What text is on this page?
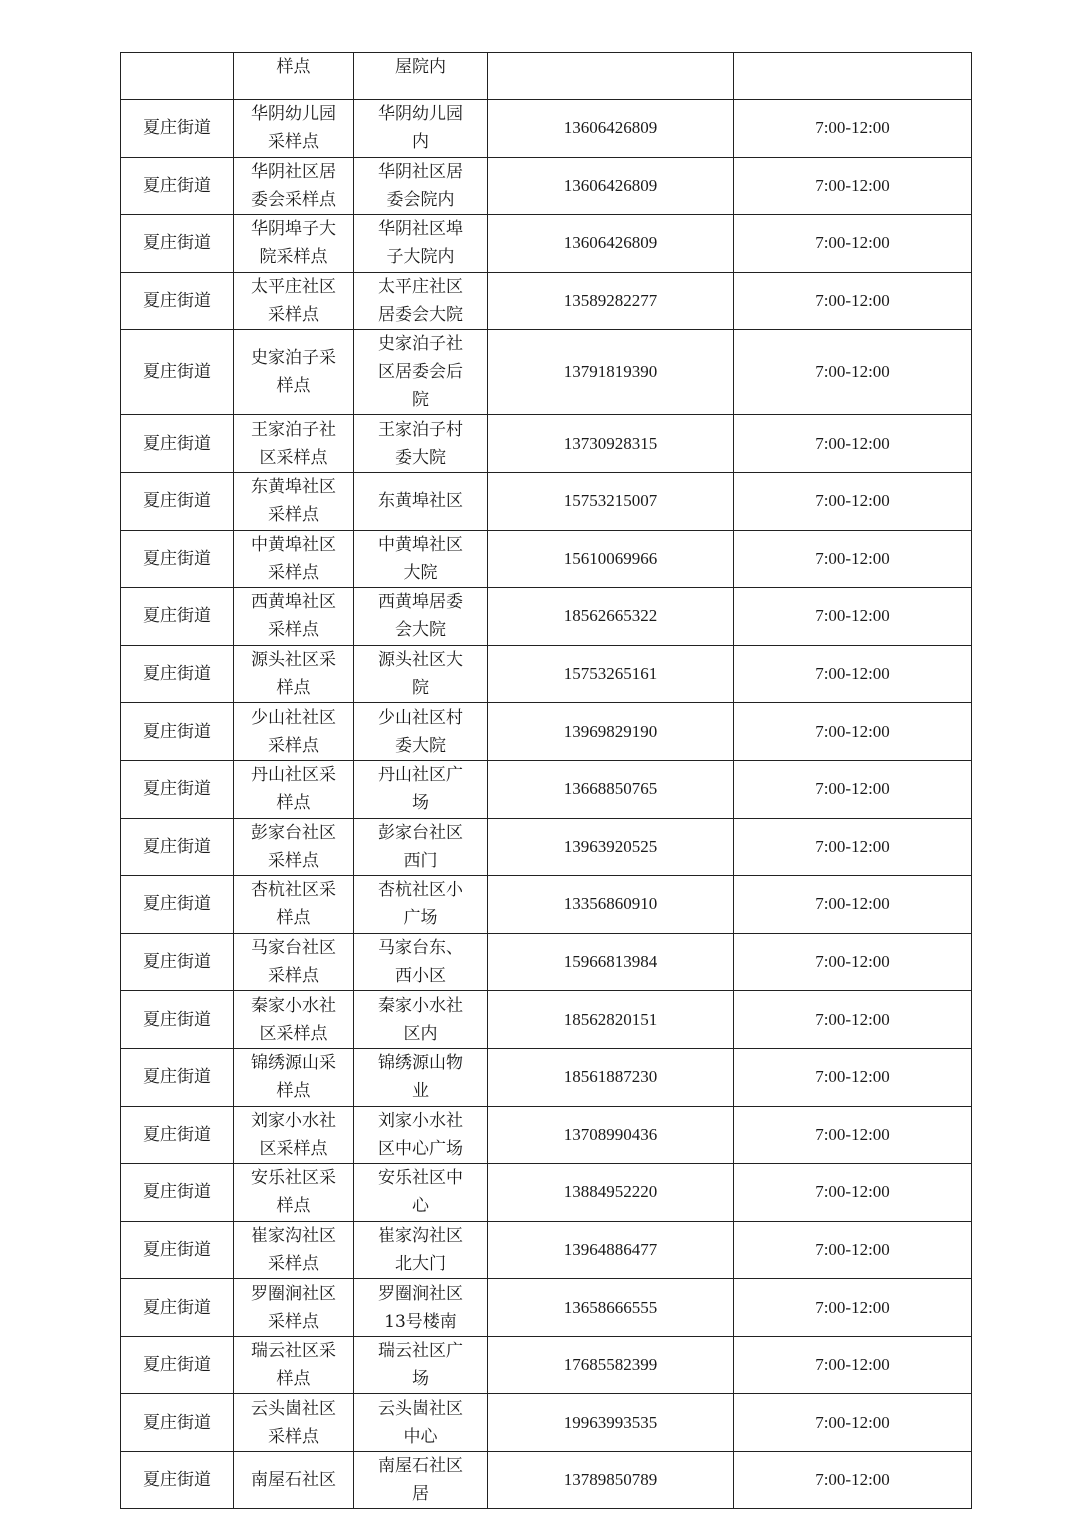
	样点	屋院内		
夏庄街道	华阴幼儿园采样点	华阴幼儿园内	13606426809	7:00-12:00
夏庄街道	华阴社区居委会采样点	华阴社区居委会院内	13606426809	7:00-12:00
夏庄街道	华阴埠子大院采样点	华阴社区埠子大院内	13606426809	7:00-12:00
夏庄街道	太平庄社区采样点	太平庄社区居委会大院	13589282277	7:00-12:00
夏庄街道	史家泊子采样点	史家泊子社区居委会后院	13791819390	7:00-12:00
夏庄街道	王家泊子社区采样点	王家泊子村委大院	13730928315	7:00-12:00
夏庄街道	东黄埠社区采样点	东黄埠社区	15753215007	7:00-12:00
夏庄街道	中黄埠社区采样点	中黄埠社区大院	15610069966	7:00-12:00
夏庄街道	西黄埠社区采样点	西黄埠居委会大院	18562665322	7:00-12:00
夏庄街道	源头社区采样点	源头社区大院	15753265161	7:00-12:00
夏庄街道	少山社社区采样点	少山社区村委大院	13969829190	7:00-12:00
夏庄街道	丹山社区采样点	丹山社区广场	13668850765	7:00-12:00
夏庄街道	彭家台社区采样点	彭家台社区西门	13963920525	7:00-12:00
夏庄街道	杏杭社区采样点	杏杭社区小广场	13356860910	7:00-12:00
夏庄街道	马家台社区采样点	马家台东、西小区	15966813984	7:00-12:00
夏庄街道	秦家小水社区采样点	秦家小水社区内	18562820151	7:00-12:00
夏庄街道	锦绣源山采样点	锦绣源山物业	18561887230	7:00-12:00
夏庄街道	刘家小水社区采样点	刘家小水社区中心广场	13708990436	7:00-12:00
夏庄街道	安乐社区采样点	安乐社区中心	13884952220	7:00-12:00
夏庄街道	崔家沟社区采样点	崔家沟社区北大门	13964886477	7:00-12:00
夏庄街道	罗圈涧社区采样点	罗圈涧社区13号楼南	13658666555	7:00-12:00
夏庄街道	瑞云社区采样点	瑞云社区广场	17685582399	7:00-12:00
夏庄街道	云头崮社区采样点	云头崮社区中心	19963993535	7:00-12:00
夏庄街道	南屋石社区	南屋石社区居	13789850789	7:00-12:00
